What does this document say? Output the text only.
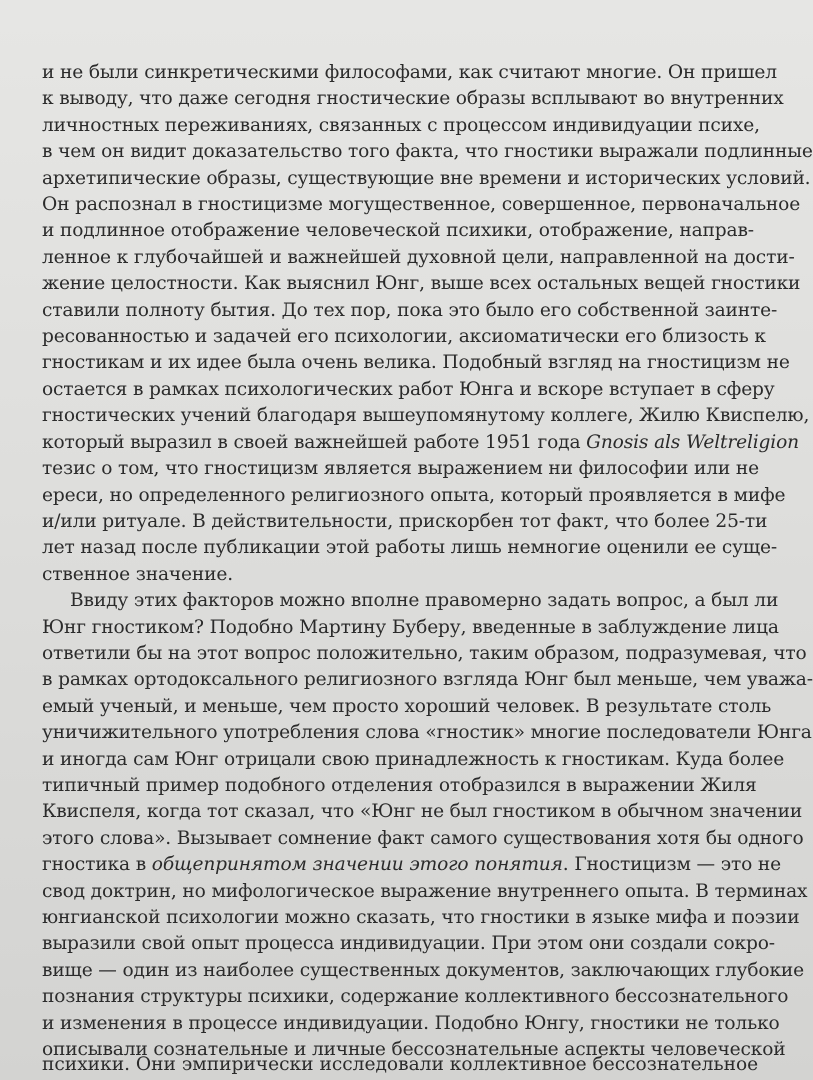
и не были синкретическими философами, как считают многие. Он пришел
к выводу, что даже сегодня гностические образы всплывают во внутренних
личностных переживаниях, связанных с процессом индивидуации психе,
в чем он видит доказательство того факта, что гностики выражали подлинные
архетипические образы, существующие вне времени и исторических условий.
Он распознал в гностицизме могущественное, совершенное, первоначальное
и подлинное отображение человеческой психики, отображение, направ-
ленное к глубочайшей и важнейшей духовной цели, направленной на дости-
жение целостности. Как выяснил Юнг, выше всех остальных вещей гностики
ставили полноту бытия. До тех пор, пока это было его собственной заинте-
ресованностью и задачей его психологии, аксиоматически его близость к
гностикам и их идее была очень велика. Подобный взгляд на гностицизм не
остается в рамках психологических работ Юнга и вскоре вступает в сферу
гностических учений благодаря вышеупомянутому коллеге, Жилю Квиспелю,
который выразил в своей важнейшей работе 1951 года Gnosis als Weltreligion
тезис о том, что гностицизм является выражением ни философии или не
ереси, но определенного религиозного опыта, который проявляется в мифе
и/или ритуале. В действительности, прискорбен тот факт, что более 25-ти
лет назад после публикации этой работы лишь немногие оценили ее суще-
ственное значение.

Ввиду этих факторов можно вполне правомерно задать вопрос, а был ли
Юнг гностиком? Подобно Мартину Буберу, введенные в заблуждение лица
ответили бы на этот вопрос положительно, таким образом, подразумевая, что
в рамках ортодоксального религиозного взгляда Юнг был меньше, чем уважа-
емый ученый, и меньше, чем просто хороший человек. В результате столь
уничижительного употребления слова «гностик» многие последователи Юнга
и иногда сам Юнг отрицали свою принадлежность к гностикам. Куда более
типичный пример подобного отделения отобразился в выражении Жиля
Квиспеля, когда тот сказал, что «Юнг не был гностиком в обычном значении
этого слова». Вызывает сомнение факт самого существования хотя бы одного
гностика в общепринятом значении этого понятия. Гностицизм — это не
свод доктрин, но мифологическое выражение внутреннего опыта. В терминах
юнгианской психологии можно сказать, что гностики в языке мифа и поэзии
выразили свой опыт процесса индивидуации. При этом они создали сокро-
вище — один из наиболее существенных документов, заключающих глубокие
познания структуры психики, содержание коллективного бессознательного
и изменения в процессе индивидуации. Подобно Юнгу, гностики не только
описывали сознательные и личные бессознательные аспекты человеческой

психики. Они эмпирически исследовали коллективное бессознательное
